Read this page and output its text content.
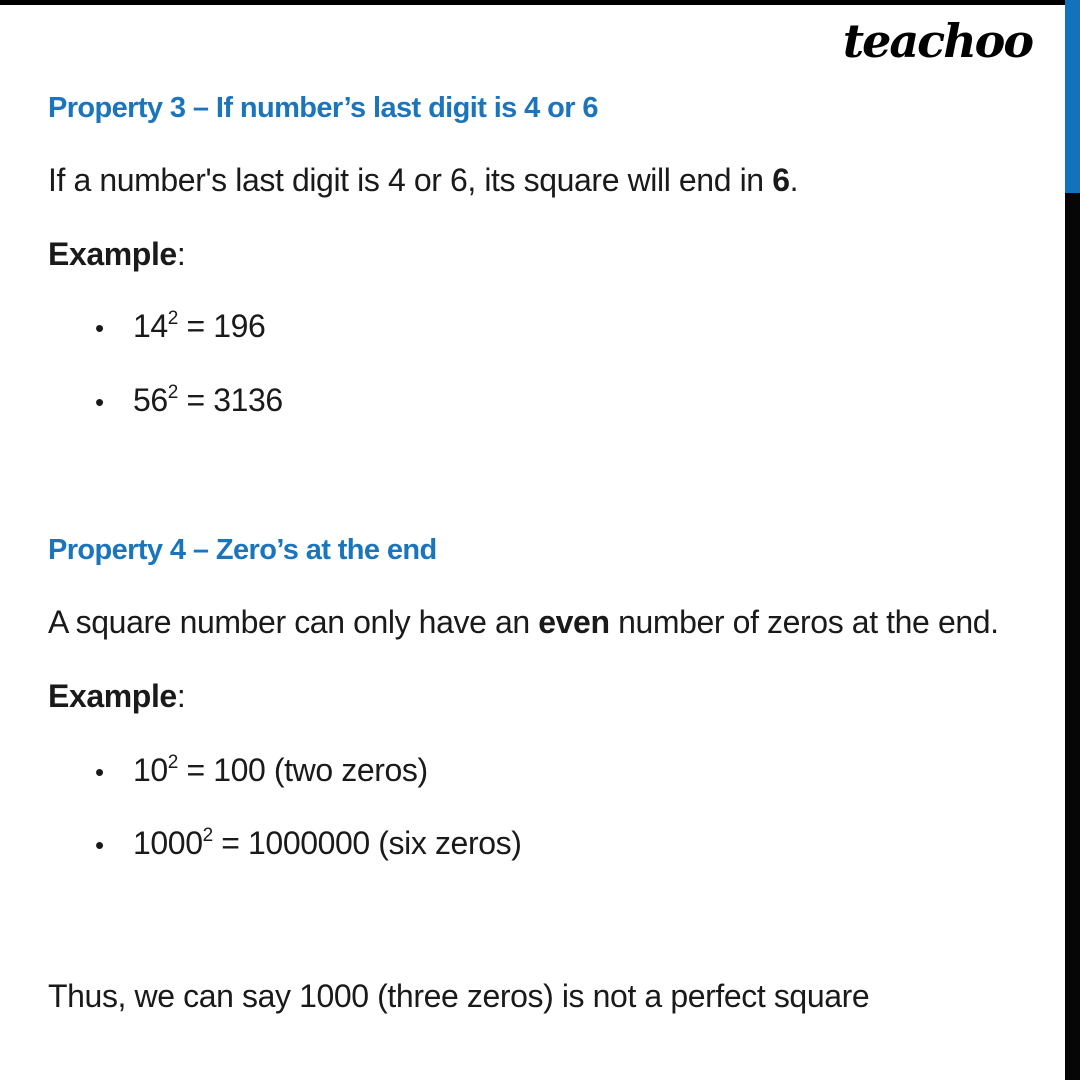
teachoo
Property 3 – If number’s last digit is 4 or 6
If a number's last digit is 4 or 6, its square will end in 6.
Example:
• $14^2 = 196$
• $56^2 = 3136$
Property 4 – Zero’s at the end
A square number can only have an even number of zeros at the end.
Example:
• $10^2 = 100$ (two zeros)
• $1000^2 = 1000000$ (six zeros)
Thus, we can say 1000 (three zeros) is not a perfect square
